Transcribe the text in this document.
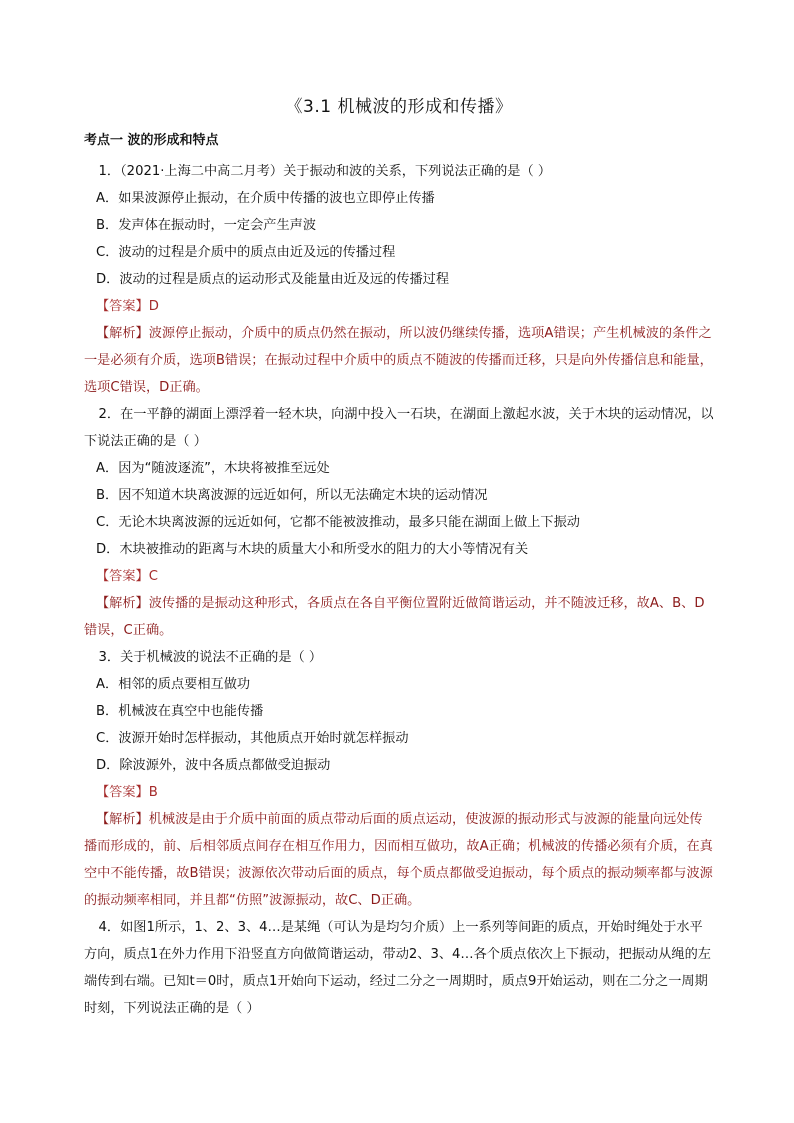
《3.1 机械波的形成和传播》
考点一 波的形成和特点

1．（2021·上海二中高二月考）关于振动和波的关系，下列说法正确的是（ ）

A．如果波源停止振动，在介质中传播的波也立即停止传播

B．发声体在振动时，一定会产生声波

C．波动的过程是介质中的质点由近及远的传播过程

D．波动的过程是质点的运动形式及能量由近及远的传播过程

【答案】D

【解析】波源停止振动，介质中的质点仍然在振动，所以波仍继续传播，选项A错误；产生机械波的条件之一是必须有介质，选项B错误；在振动过程中介质中的质点不随波的传播而迁移，只是向外传播信息和能量，选项C错误，D正确。

2．在一平静的湖面上漂浮着一轻木块，向湖中投入一石块，在湖面上激起水波，关于木块的运动情况，以下说法正确的是（ ）

A．因为“随波逐流”，木块将被推至远处

B．因不知道木块离波源的远近如何，所以无法确定木块的运动情况

C．无论木块离波源的远近如何，它都不能被波推动，最多只能在湖面上做上下振动

D．木块被推动的距离与木块的质量大小和所受水的阻力的大小等情况有关

【答案】C

【解析】波传播的是振动这种形式，各质点在各自平衡位置附近做简谐运动，并不随波迁移，故A、B、D错误，C正确。

3．关于机械波的说法不正确的是（ ）

A．相邻的质点要相互做功

B．机械波在真空中也能传播

C．波源开始时怎样振动，其他质点开始时就怎样振动

D．除波源外，波中各质点都做受迫振动

【答案】B

【解析】机械波是由于介质中前面的质点带动后面的质点运动，使波源的振动形式与波源的能量向远处传播而形成的，前、后相邻质点间存在相互作用力，因而相互做功，故A正确；机械波的传播必须有介质，在真空中不能传播，故B错误；波源依次带动后面的质点，每个质点都做受迫振动，每个质点的振动频率都与波源的振动频率相同，并且都“仿照”波源振动，故C、D正确。

4．如图1所示，1、2、3、4…是某绳（可认为是均匀介质）上一系列等间距的质点，开始时绳处于水平方向，质点1在外力作用下沿竖直方向做简谐运动，带动2、3、4…各个质点依次上下振动，把振动从绳的左端传到右端。已知t＝0时，质点1开始向下运动，经过二分之一周期时，质点9开始运动，则在二分之一周期时刻，下列说法正确的是（ ）
